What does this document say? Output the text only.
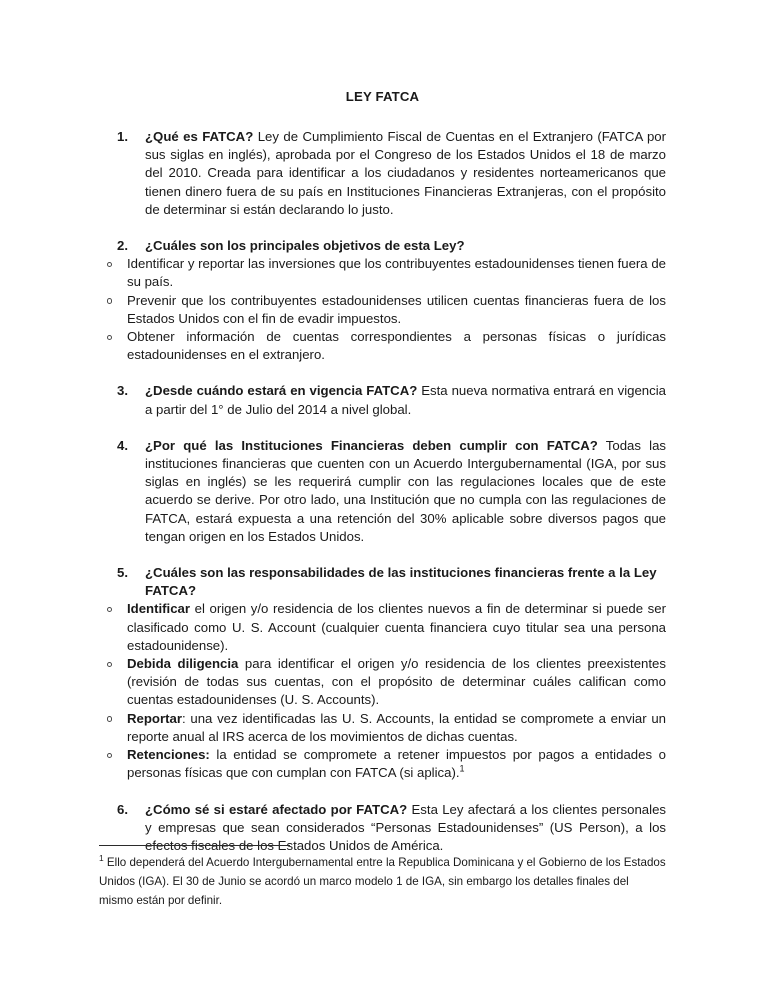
LEY FATCA
1. ¿Qué es FATCA? Ley de Cumplimiento Fiscal de Cuentas en el Extranjero (FATCA por sus siglas en inglés), aprobada por el Congreso de los Estados Unidos el 18 de marzo del 2010. Creada para identificar a los ciudadanos y residentes norteamericanos que tienen dinero fuera de su país en Instituciones Financieras Extranjeras, con el propósito de determinar si están declarando lo justo.

2. ¿Cuáles son los principales objetivos de esta Ley?

Identificar y reportar las inversiones que los contribuyentes estadounidenses tienen fuera de su país.
Prevenir que los contribuyentes estadounidenses utilicen cuentas financieras fuera de los Estados Unidos con el fin de evadir impuestos.
Obtener información de cuentas correspondientes a personas físicas o jurídicas estadounidenses en el extranjero.
3. ¿Desde cuándo estará en vigencia FATCA? Esta nueva normativa entrará en vigencia a partir del 1° de Julio del 2014 a nivel global.

4. ¿Por qué las Instituciones Financieras deben cumplir con FATCA? Todas las instituciones financieras que cuenten con un Acuerdo Intergubernamental (IGA, por sus siglas en inglés) se les requerirá cumplir con las regulaciones locales que de este acuerdo se derive. Por otro lado, una Institución que no cumpla con las regulaciones de FATCA, estará expuesta a una retención del 30% aplicable sobre diversos pagos que tengan origen en los Estados Unidos.

5. ¿Cuáles son las responsabilidades de las instituciones financieras frente a la Ley FATCA?

Identificar el origen y/o residencia de los clientes nuevos a fin de determinar si puede ser clasificado como U. S. Account (cualquier cuenta financiera cuyo titular sea una persona estadounidense).
Debida diligencia para identificar el origen y/o residencia de los clientes preexistentes (revisión de todas sus cuentas, con el propósito de determinar cuáles califican como cuentas estadounidenses (U. S. Accounts).
Reportar: una vez identificadas las U. S. Accounts, la entidad se compromete a enviar un reporte anual al IRS acerca de los movimientos de dichas cuentas.
Retenciones: la entidad se compromete a retener impuestos por pagos a entidades o personas físicas que con cumplan con FATCA (si aplica).$^1$
6. ¿Cómo sé si estaré afectado por FATCA? Esta Ley afectará a los clientes personales y empresas que sean considerados “Personas Estadounidenses” (US Person), a los efectos fiscales de los Estados Unidos de América.

$^1$ Ello dependerá del Acuerdo Intergubernamental entre la Republica Dominicana y el Gobierno de los Estados Unidos (IGA). El 30 de Junio se acordó un marco modelo 1 de IGA, sin embargo los detalles finales del mismo están por definir.
